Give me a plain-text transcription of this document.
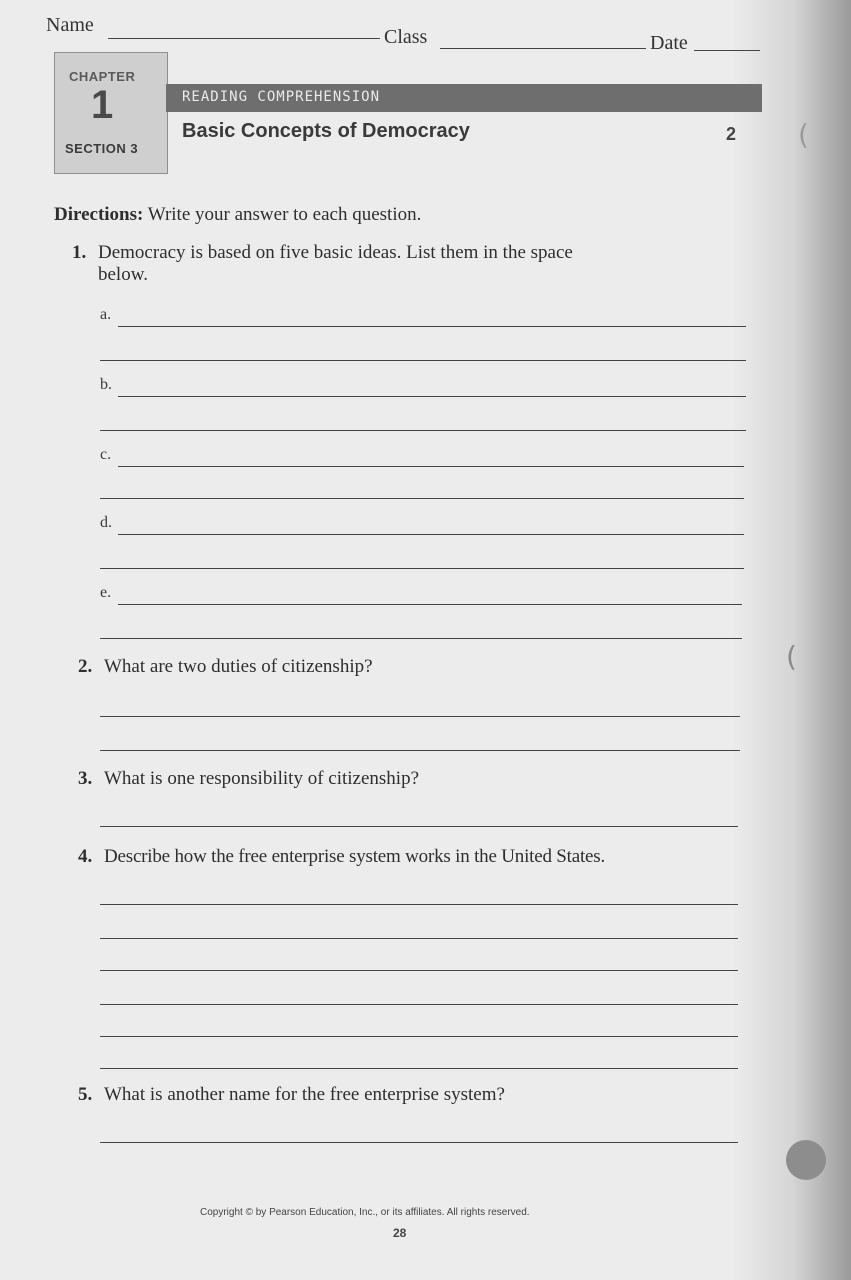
Name
Class	Date
CHAPTER
1
SECTION 3
READING COMPREHENSION
Basic Concepts of Democracy	2
Directions: Write your answer to each question.
1. Democracy is based on five basic ideas. List them in the space
below.
a.
b.
c.
d.
e.
2. What are two duties of citizenship?
3. What is one responsibility of citizenship?
4. Describe how the free enterprise system works in the United States.
5. What is another name for the free enterprise system?
Copyright © by Pearson Education, Inc., or its affiliates. All rights reserved.
28
(
(
